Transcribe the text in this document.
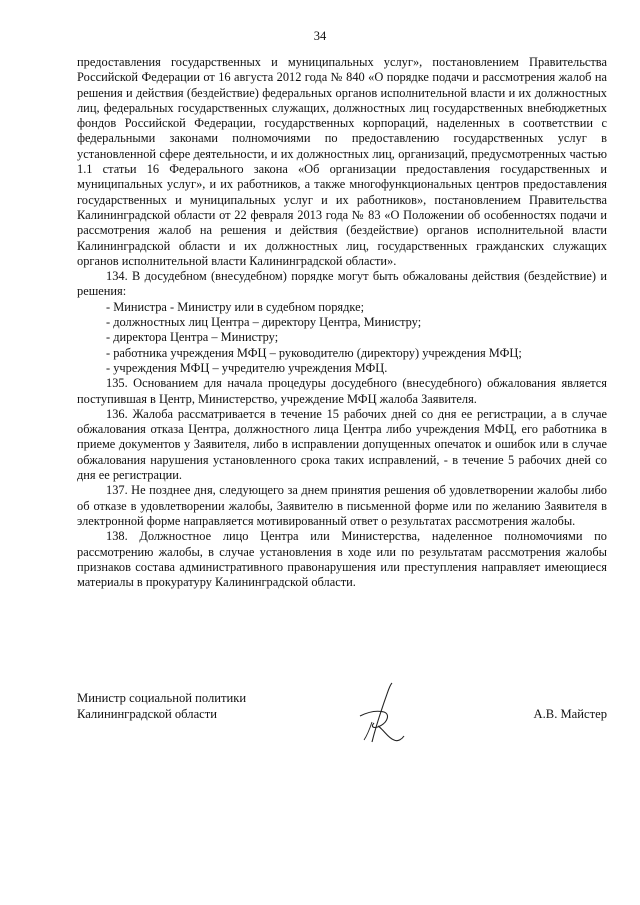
34

предоставления государственных и муниципальных услуг», постановлением Правительства Российской Федерации от 16 августа 2012 года № 840 «О порядке подачи и рассмотрения жалоб на решения и действия (бездействие) федеральных органов исполнительной власти и их должностных лиц, федеральных государственных служащих, должностных лиц государственных внебюджетных фондов Российской Федерации, государственных корпораций, наделенных в соответствии с федеральными законами полномочиями по предоставлению государственных услуг в установленной сфере деятельности, и их должностных лиц, организаций, предусмотренных частью 1.1 статьи 16 Федерального закона «Об организации предоставления государственных и муниципальных услуг», и их работников, а также многофункциональных центров предоставления государственных и муниципальных услуг и их работников», постановлением Правительства Калининградской области от 22 февраля 2013 года № 83 «О Положении об особенностях подачи и рассмотрения жалоб на решения и действия (бездействие) органов исполнительной власти Калининградской области и их должностных лиц, государственных гражданских служащих органов исполнительной власти Калининградской области».

134. В досудебном (внесудебном) порядке могут быть обжалованы действия (бездействие) и решения:

- Министра - Министру или в судебном порядке;
- должностных лиц Центра – директору Центра, Министру;
- директора Центра – Министру;
- работника учреждения МФЦ – руководителю (директору) учреждения МФЦ;
- учреждения МФЦ – учредителю учреждения МФЦ.

135. Основанием для начала процедуры досудебного (внесудебного) обжалования является поступившая в Центр, Министерство, учреждение МФЦ жалоба Заявителя.

136. Жалоба рассматривается в течение 15 рабочих дней со дня ее регистрации, а в случае обжалования отказа Центра, должностного лица Центра либо учреждения МФЦ, его работника в приеме документов у Заявителя, либо в исправлении допущенных опечаток и ошибок или в случае обжалования нарушения установленного срока таких исправлений, - в течение 5 рабочих дней со дня ее регистрации.

137. Не позднее дня, следующего за днем принятия решения об удовлетворении жалобы либо об отказе в удовлетворении жалобы, Заявителю в письменной форме или по желанию Заявителя в электронной форме направляется мотивированный ответ о результатах рассмотрения жалобы.

138. Должностное лицо Центра или Министерства, наделенное полномочиями по рассмотрению жалобы, в случае установления в ходе или по результатам рассмотрения жалобы признаков состава административного правонарушения или преступления направляет имеющиеся материалы в прокуратуру Калининградской области.

Министр социальной политики
Калининградской области	А.В. Майстер
